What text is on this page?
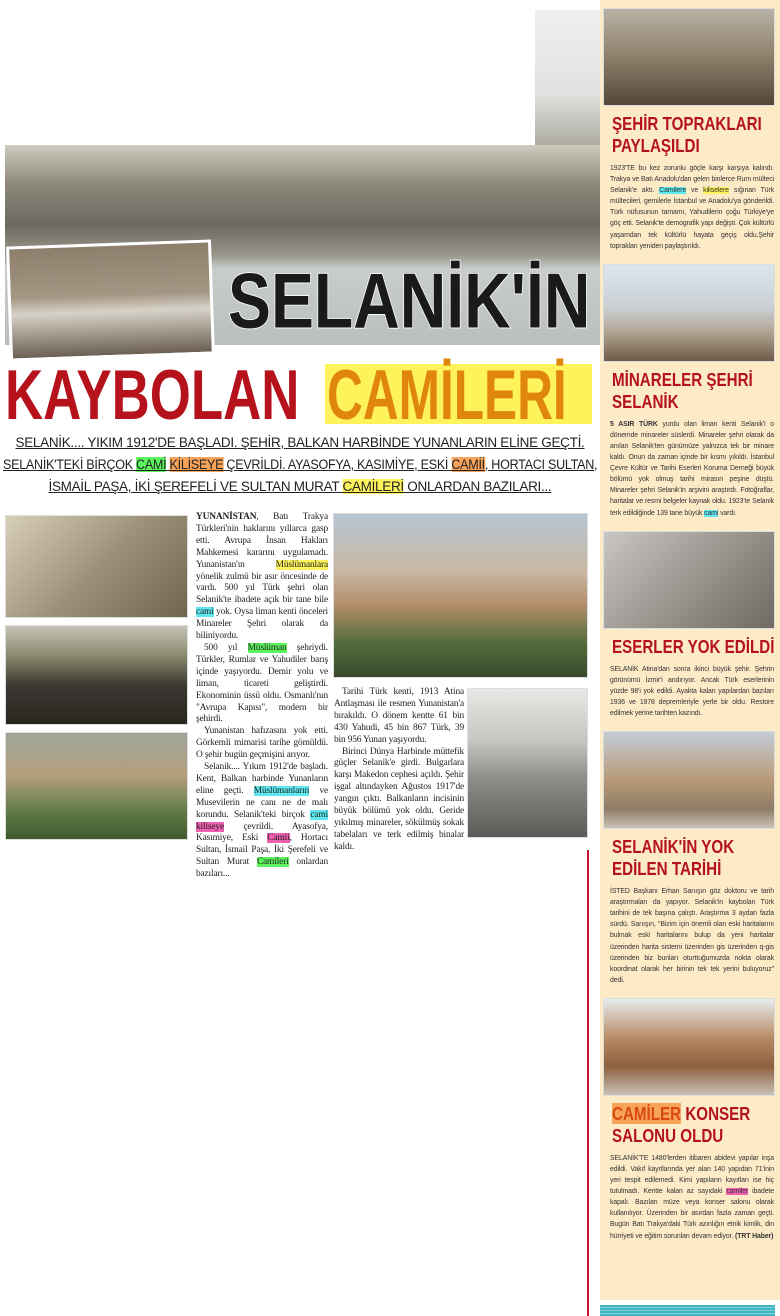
SELANİK'İN
KAYBOLAN CAMİLERİ
SELANİK.... YIKIM 1912'DE BAŞLADI. ŞEHİR, BALKAN HARBİNDE YUNANLARIN ELİNE GEÇTİ.
SELANİK'TEKİ BİRÇOK CAMİ KİLİSEYE ÇEVRİLDİ. AYASOFYA, KASIMİYE, ESKİ CAMİİ, HORTACI SULTAN,
İSMAİL PAŞA, İKİ ŞEREFELİ VE SULTAN MURAT CAMİLERİ ONLARDAN BAZILARI...

YUNANİSTAN, Batı Trakya Türkleri'nin haklarını yıllarca gasp etti. Avrupa İnsan Hakları Mahkemesi kararını uygulamadı. Yunanistan'ın Müslümanlara yönelik zulmü bir asır öncesinde de vardı. 500 yıl Türk şehri olan Selanik'te ibadete açık bir tane bile cami yok. Oysa liman kenti önceleri Minareler Şehri olarak da biliniyordu.

500 yıl Müslüman şehriydi. Türkler, Rumlar ve Yahudiler barış içinde yaşıyordu. Demir yolu ve liman, ticareti geliştirdi. Ekonominin üssü oldu. Osmanlı'nın "Avrupa Kapısı", modern bir şehirdi.

Yunanistan hafızasını yok etti. Görkemli mimarisi tarihe gömüldü. O şehir bugün geçmişini arıyor.

Selanik.... Yıkım 1912'de başladı. Kent, Balkan harbinde Yunanların eline geçti. Müslümanların ve Musevilerin ne canı ne de malı korundu. Selanik'teki birçok cami kiliseye çevrildi. Ayasofya, Kasımiye, Eski Camii, Hortacı Sultan, İsmail Paşa, İki Şerefeli ve Sultan Murat Camileri onlardan bazıları...

Tarihi Türk kenti, 1913 Atina Antlaşması ile resmen Yunanistan'a bırakıldı. O dönem kentte 61 bin 430 Yahudi, 45 bin 867 Türk, 39 bin 956 Yunan yaşıyordu.

Birinci Dünya Harbinde müttefik güçler Selanik'e girdi. Bulgarlara karşı Makedon cephesi açıldı. Şehir işgal altındayken Ağustos 1917'de yangın çıktı. Balkanların incisinin büyük bölümü yok oldu. Geride yıkılmış minareler, sökülmüş sokak tabelaları ve terk edilmiş binalar kaldı.

ŞEHİR TOPRAKLARI PAYLAŞILDI
1923'TE bu kez zorunlu göçle karşı karşıya kalındı. Trakya ve Batı Anadolu'dan gelen binlerce Rum mülteci Selanik'e aktı. Camilere ve kiliselere sığınan Türk mültecileri, gemilerle İstanbul ve Anadolu'ya gönderildi. Türk nüfusunun tamamı, Yahudilerin çoğu Türkiye'ye göç etti. Selanik'te demografik yapı değişti. Çok kültürlü yaşamdan tek kültürlü hayata geçiş oldu.Şehir toprakları yeniden paylaştırıldı.
MİNARELER ŞEHRİ SELANİK
5 ASIR TÜRK yurdu olan liman kenti Selanik'i o dönemde minareler süslerdi. Minareler şehri olarak da anılan Selanik'ten günümüze yalnızca tek bir minare kaldı. Onun da zaman içinde bir kısmı yıkıldı. İstanbul Çevre Kültür ve Tarihi Eserleri Koruma Derneği büyük bölümü yok olmuş tarihi mirasın peşine düştü. Minareler şehri Selanik'in arşivini araştırdı. Fotoğraflar, haritalar ve resmi belgeler kaynak oldu. 1923'te Selanik terk edildiğinde 139 tane büyük cami vardı.
ESERLER YOK EDİLDİ
SELANİK Atina'dan sonra ikinci büyük şehir. Şehrin görünümü İzmir'i andırıyor. Ancak Türk eserlerinin yüzde 98'i yok edildi. Ayakta kalan yapılardan bazıları 1936 ve 1978 depremleriyle yerle bir oldu. Restore edilmek yerine tarihten kazındı.
SELANİK'İN YOK EDİLEN TARİHİ
İSTED Başkanı Erhan Sarıışın göz doktoru ve tarih araştırmaları da yapıyor. Selanik'in kaybolan Türk tarihini de tek başına çalıştı. Araştırma 3 aydan fazla sürdü. Sarıışın, "Bizim için önemli olan eski haritalarını bulmak eski haritalarını bulup da yeni haritalar üzerinden harita sistemi üzerinden gis üzerinden q-gis üzerinden biz bunları oturttuğumuzda nokta olarak koordinat olarak her birinin tek tek yerini buluyoruz" dedi.
CAMİLER KONSER SALONU OLDU
SELANİK'TE 1480'lerden itibaren abidevi yapılar inşa edildi. Vakıf kayıtlarında yer alan 140 yapıdan 71'inin yeri tespit edilemedi. Kimi yapıların kayıtları ise hiç tutulmadı. Kentte kalan az sayıdaki camiler ibadete kapalı. Bazıları müze veya konser salonu olarak kullanılıyor. Üzerinden bir asırdan fazla zaman geçti. Bugün Batı Trakya'daki Türk azınlığın etnik kimlik, din hürriyeti ve eğitim sorunları devam ediyor. (TRT Haber)
